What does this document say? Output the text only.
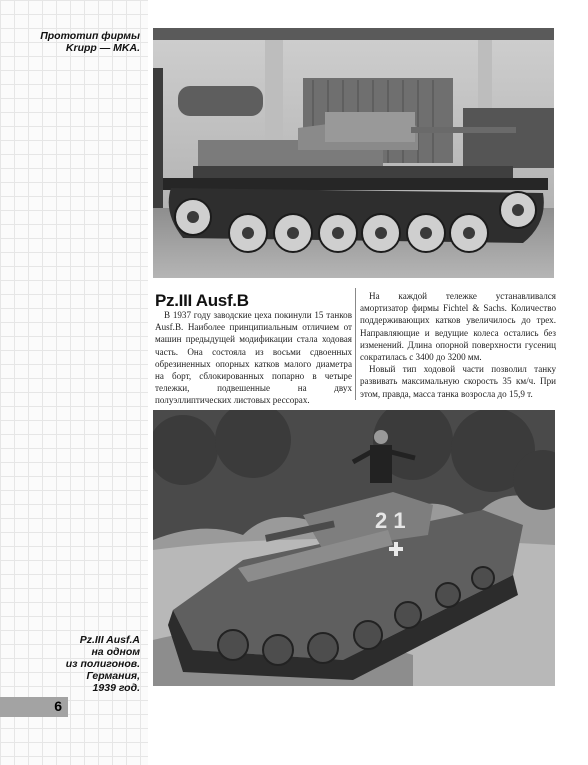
Прототип фирмы
Krupp — MKA.
Pz.III Ausf.B

В 1937 году заводские цеха покинули 15 танков Ausf.B. Наиболее принципиальным отличием от машин предыдущей модификации стала ходовая часть. Она состояла из восьми сдвоенных обрезиненных опорных катков малого диаметра на борт, сблокированных попарно в четыре тележки, подвешенные на двух полуэллиптических листовых рессорах.

На каждой тележке устанавливался амортизатор фирмы Fichtel & Sachs. Количество поддерживающих катков увеличилось до трех. Направляющие и ведущие колеса остались без изменений. Длина опорной поверхности гусениц сократилась с 3400 до 3200 мм.

Новый тип ходовой части позволил танку развивать максимальную скорость 35 км/ч. При этом, правда, масса танка возросла до 15,9 т.

2 1
Pz.III Ausf.A
на одном
из полигонов.
Германия,
1939 год.
6
